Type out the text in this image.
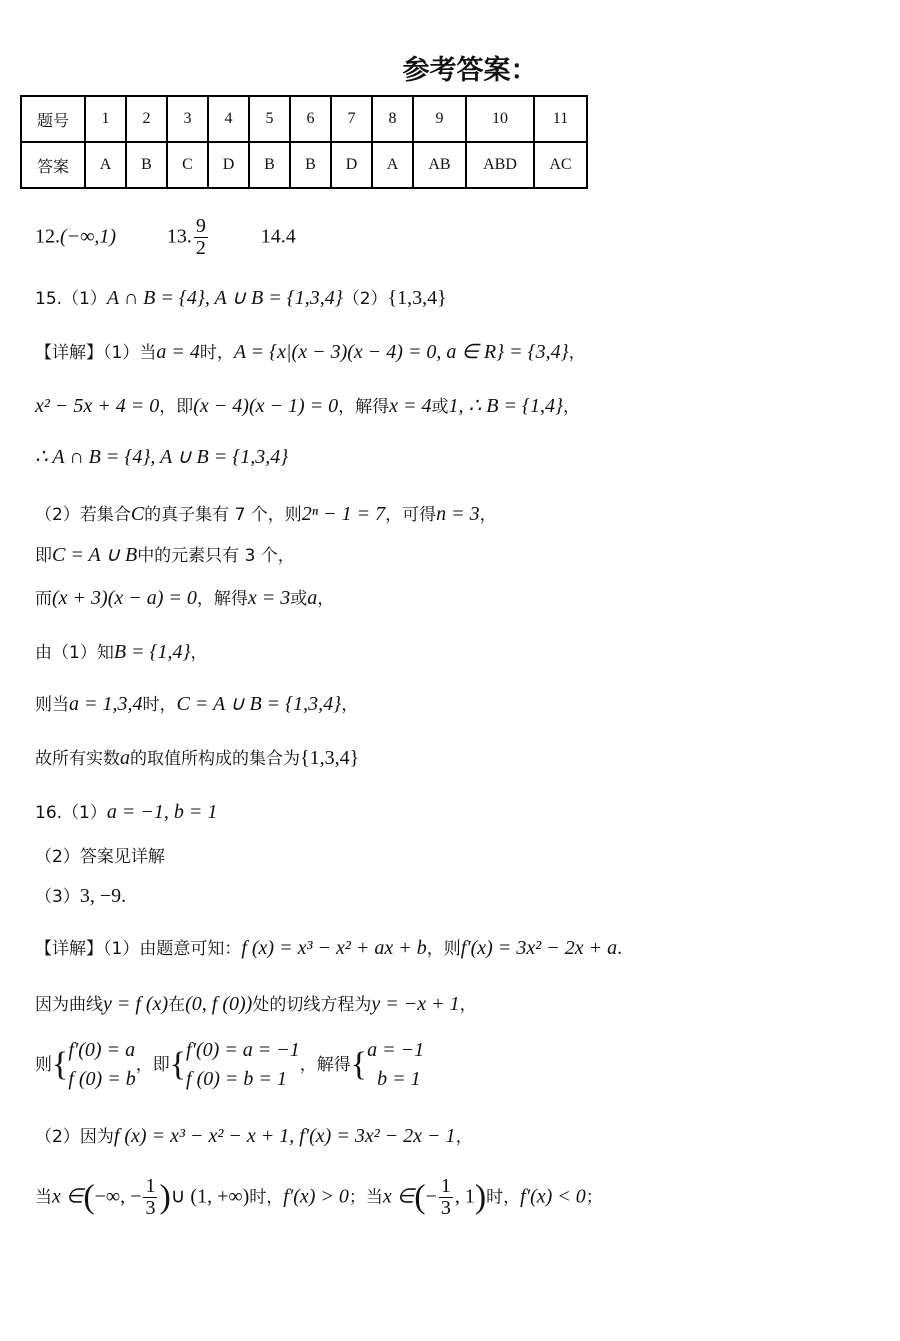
参考答案：
题号	1	2	3	4	5	6	7	8	9	10	11
答案	A	B	C	D	B	B	D	A	AB	ABD	AC
12.(−∞,1)	13. $\frac{9}{2}$	14.4
15.（1）A ∩ B = {4}, A ∪ B = {1,3,4}（2）{1,3,4}
【详解】（1）当a = 4时，A = {x|(x − 3)(x − 4) = 0, a ∈ R} = {3,4}，
x² − 5x + 4 = 0，即(x − 4)(x − 1) = 0，解得x = 4或1, ∴ B = {1,4}，
∴ A ∩ B = {4}, A ∪ B = {1,3,4}
（2）若集合C的真子集有 7 个，则2ⁿ − 1 = 7，可得n = 3，
即C = A ∪ B中的元素只有 3 个，
而(x + 3)(x − a) = 0，解得x = 3或a，
由（1）知B = {1,4}，
则当a = 1,3,4时，C = A ∪ B = {1,3,4}，
故所有实数a的取值所构成的集合为{1,3,4}
16.（1）a = −1, b = 1
（2）答案见详解
（3）3, −9.
【详解】（1）由题意可知：f (x) = x³ − x² + ax + b，则f′(x) = 3x² − 2x + a.
因为曲线y = f (x)在(0, f (0))处的切线方程为y = −x + 1，
则{ f′(0) = a
f (0) = b
，即{ f′(0) = a = −1
f (0) = b = 1
，解得{ a = −1
b = 1
（2）因为f (x) = x³ − x² − x + 1, f′(x) = 3x² − 2x − 1，
当x ∈(−∞, − $\frac{1}{3}$ )∪ (1, +∞)时，f′(x) > 0；当x ∈(− $\frac{1}{3}$ , 1)时，f′(x) < 0；
